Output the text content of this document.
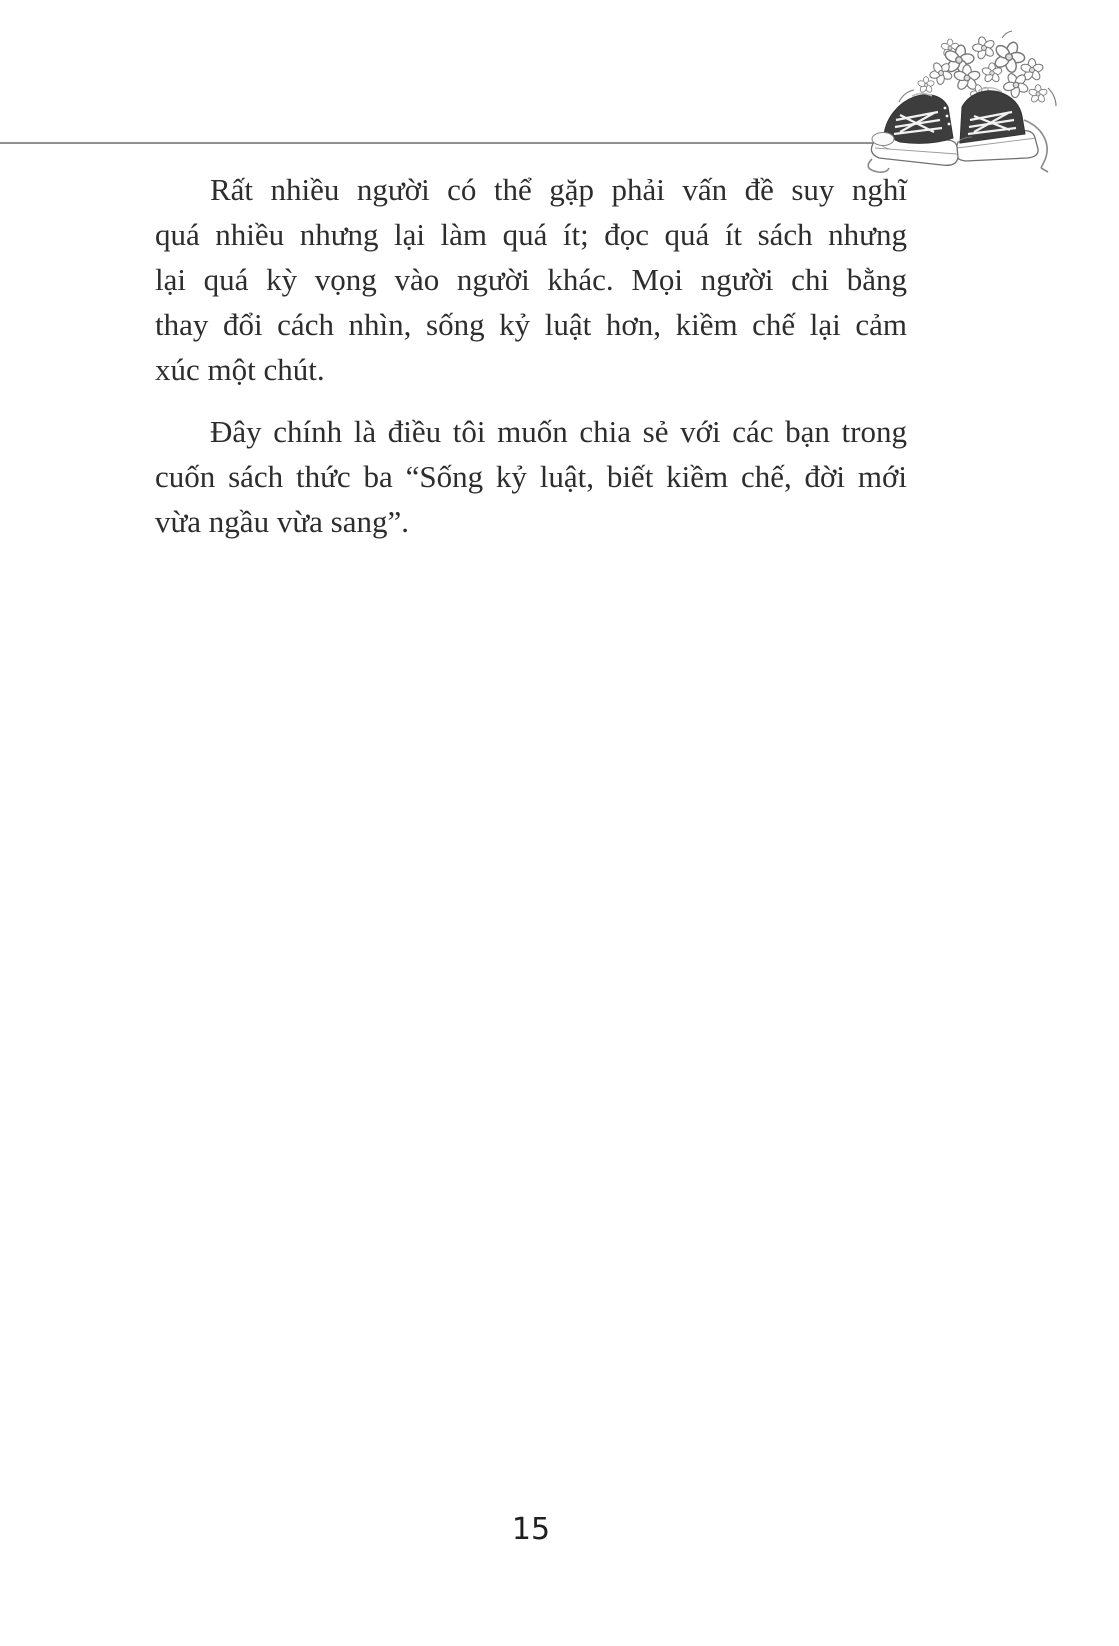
Rất nhiều người có thể gặp phải vấn đề suy nghĩ
quá nhiều nhưng lại làm quá ít; đọc quá ít sách nhưng
lại quá kỳ vọng vào người khác. Mọi người chi bằng
thay đổi cách nhìn, sống kỷ luật hơn, kiềm chế lại cảm
xúc một chút.
Đây chính là điều tôi muốn chia sẻ với các bạn trong
cuốn sách thức ba “Sống kỷ luật, biết kiềm chế, đời mới
vừa ngầu vừa sang”.
15
